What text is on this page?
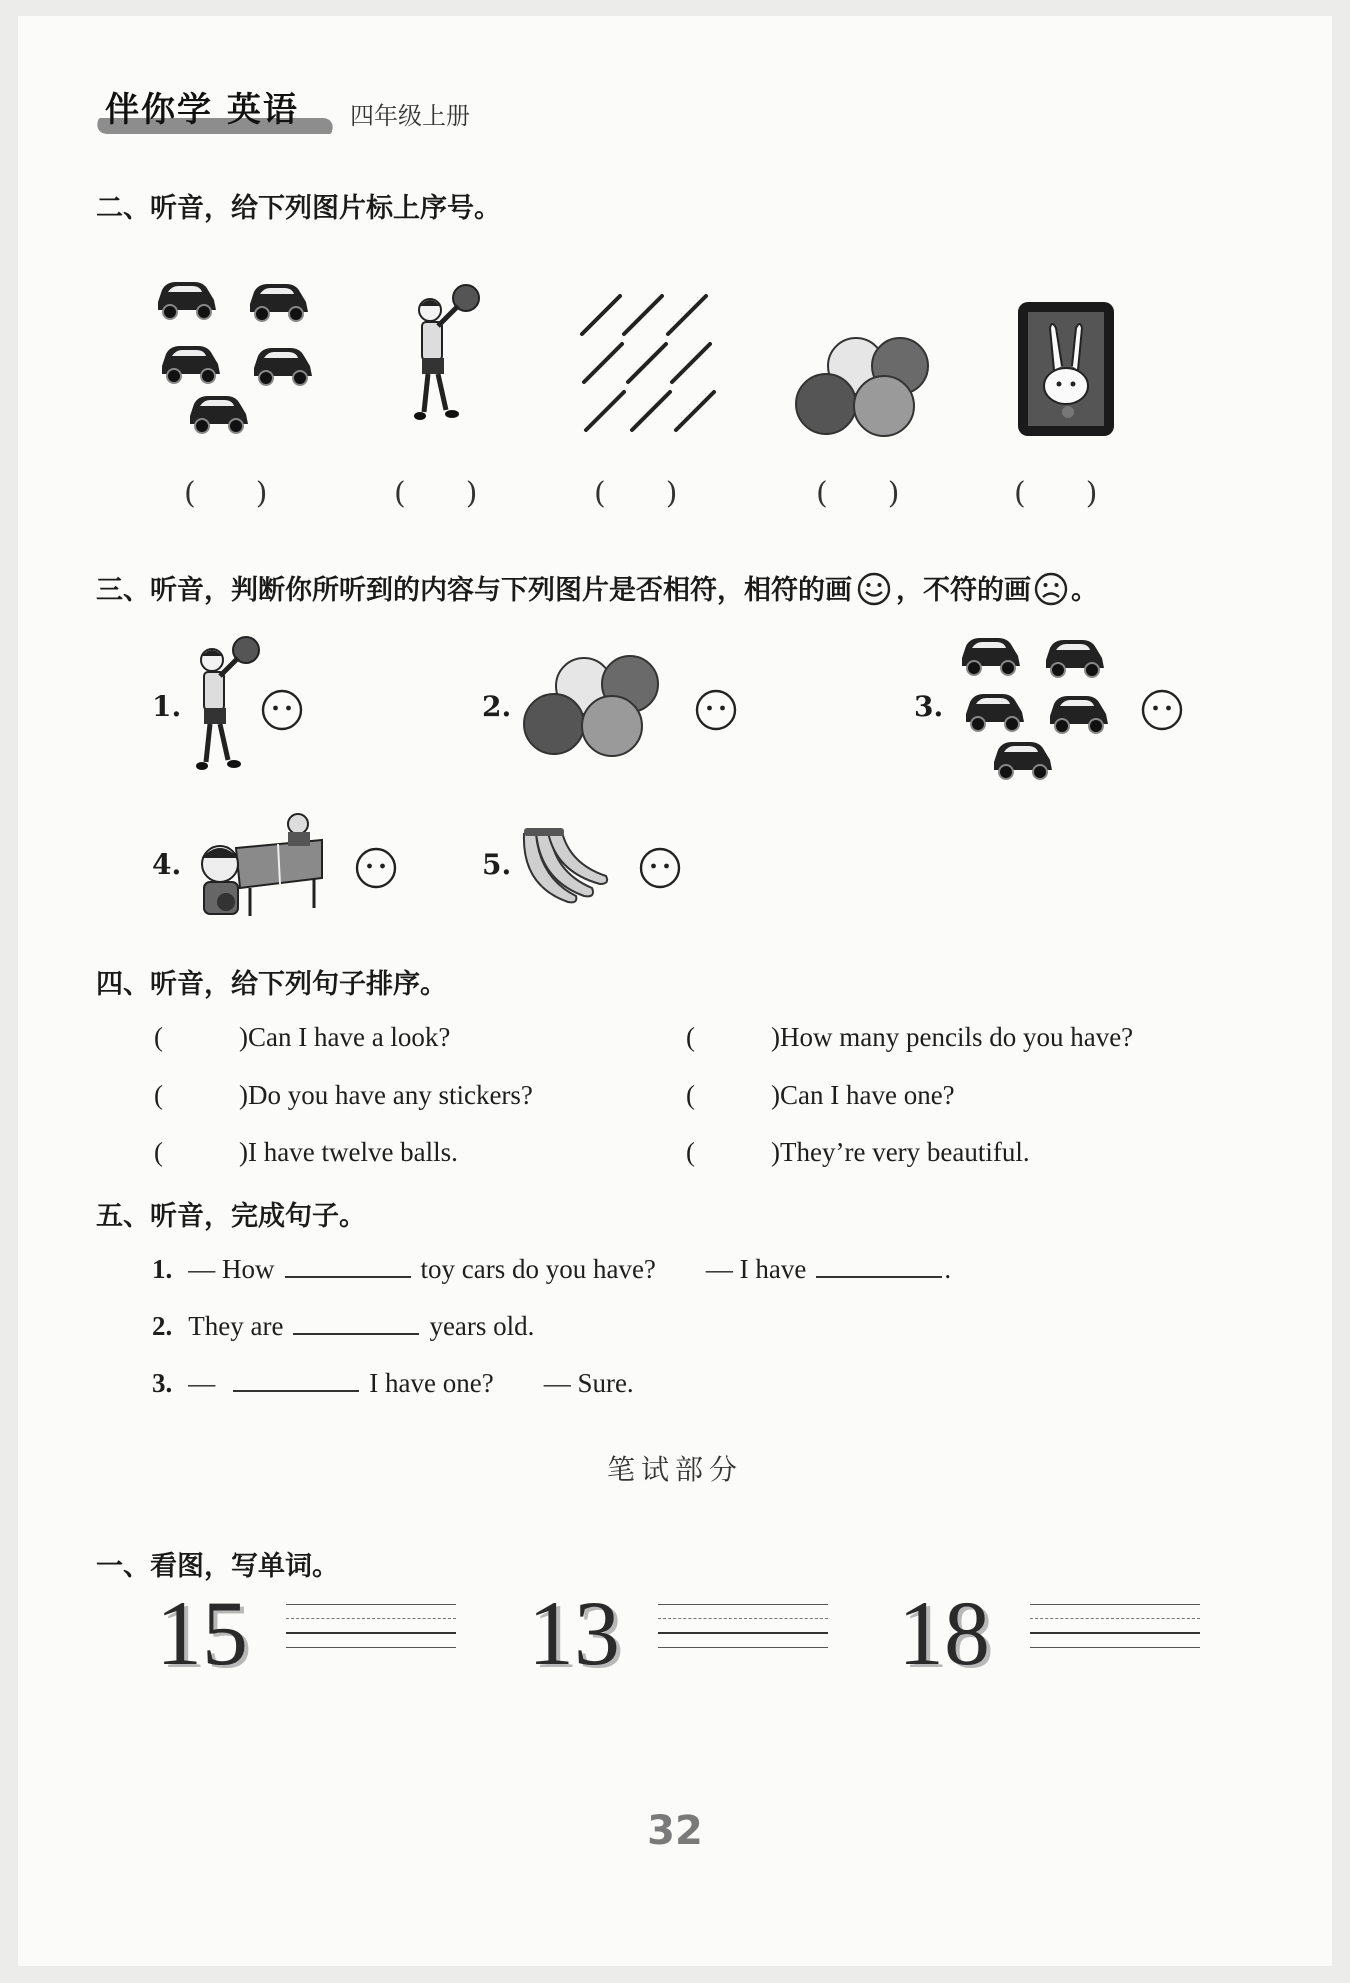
伴你学 英语 四年级上册
二、听音，给下列图片标上序号。
(　　)	(　　)	(　　)	(　　)	(　　)
三、听音，判断你所听到的内容与下列图片是否相符，相符的画 ，不符的画 。
1.	2.	3.
4.	5.
四、听音，给下列句子排序。
(	)Can I have a look?
(	)Do you have any stickers?
(	)I have twelve balls.
(	)How many pencils do you have?
(	)Can I have one?
(	)They’re very beautiful.
五、听音，完成句子。
1. — How	toy cars do you have? — I have	.
2. They are	years old.
3. —	I have one? — Sure.
笔试部分
一、看图，写单词。
15	13	18
32
